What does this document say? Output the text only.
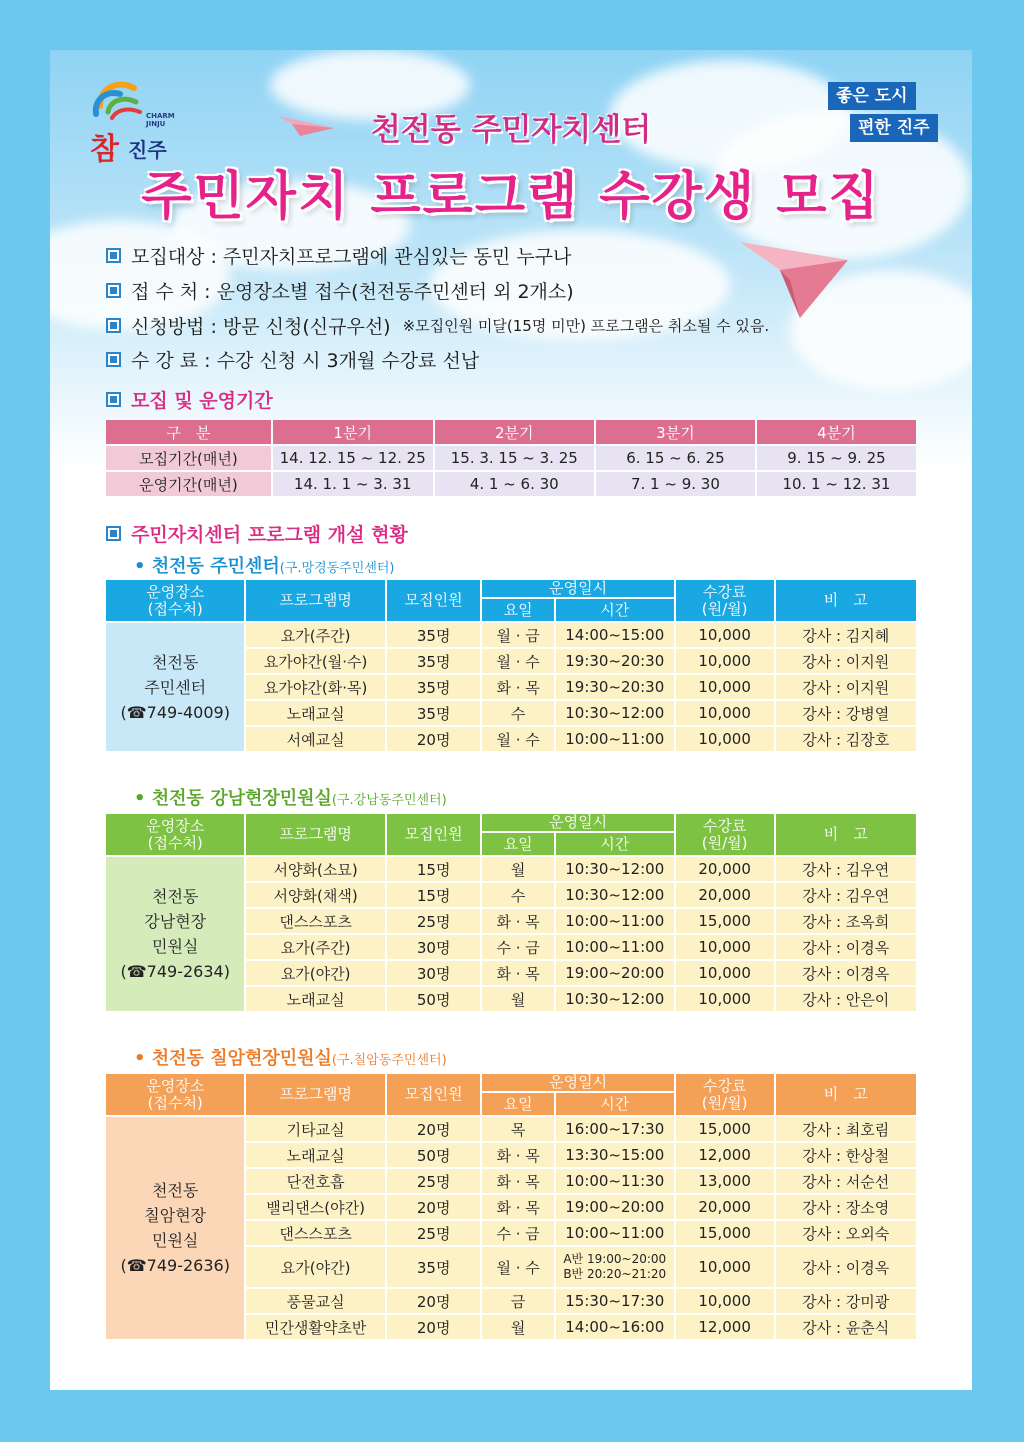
참 진주
CHARM
JINJU
좋은 도시
편한 진주
천전동 주민자치센터
주민자치 프로그램 수강생 모집
모집대상 : 주민자치프로그램에 관심있는 동민 누구나
접 수 처 : 운영장소별 접수(천전동주민센터 외 2개소)
신청방법 : 방문 신청(신규우선) ※모집인원 미달(15명 미만) 프로그램은 취소될 수 있음.
수 강 료 : 수강 신청 시 3개월 수강료 선납
모집 및 운영기간
구　분	1분기	2분기	3분기	4분기
모집기간(매년)	14. 12. 15 ~ 12. 25	15. 3. 15 ~ 3. 25	6. 15 ~ 6. 25	9. 15 ~ 9. 25
운영기간(매년)	14. 1. 1 ~ 3. 31	4. 1 ~ 6. 30	7. 1 ~ 9. 30	10. 1 ~ 12. 31
주민자치센터 프로그램 개설 현황
• 천전동 주민센터(구.망경동주민센터)
운영장소
(접수처)	프로그램명	모집인원	운영일시		수강료
(원/월)	비　고
			요일	시간		
천전동
주민센터
(☎749-4009)	요가(주간)	35명	월 · 금	14:00~15:00	10,000	강사 : 김지혜
	요가야간(월·수)	35명	월 · 수	19:30~20:30	10,000	강사 : 이지원
	요가야간(화·목)	35명	화 · 목	19:30~20:30	10,000	강사 : 이지원
	노래교실	35명	수	10:30~12:00	10,000	강사 : 강병열
	서예교실	20명	월 · 수	10:00~11:00	10,000	강사 : 김장호
• 천전동 강남현장민원실(구.강남동주민센터)
운영장소
(접수처)	프로그램명	모집인원	운영일시		수강료
(원/월)	비　고
			요일	시간		
천전동
강남현장
민원실
(☎749-2634)	서양화(소묘)	15명	월	10:30~12:00	20,000	강사 : 김우연
	서양화(채색)	15명	수	10:30~12:00	20,000	강사 : 김우연
	댄스스포츠	25명	화 · 목	10:00~11:00	15,000	강사 : 조옥희
	요가(주간)	30명	수 · 금	10:00~11:00	10,000	강사 : 이경옥
	요가(야간)	30명	화 · 목	19:00~20:00	10,000	강사 : 이경옥
	노래교실	50명	월	10:30~12:00	10,000	강사 : 안은이
• 천전동 칠암현장민원실(구.칠암동주민센터)
운영장소
(접수처)	프로그램명	모집인원	운영일시		수강료
(원/월)	비　고
			요일	시간		
천전동
칠암현장
민원실
(☎749-2636)	기타교실	20명	목	16:00~17:30	15,000	강사 : 최호림
	노래교실	50명	화 · 목	13:30~15:00	12,000	강사 : 한상철
	단전호흡	25명	화 · 목	10:00~11:30	13,000	강사 : 서순선
	밸리댄스(야간)	20명	화 · 목	19:00~20:00	20,000	강사 : 장소영
	댄스스포츠	25명	수 · 금	10:00~11:00	15,000	강사 : 오외숙
	요가(야간)	35명	월 · 수	A반 19:00~20:00
B반 20:20~21:20	10,000	강사 : 이경옥
	풍물교실	20명	금	15:30~17:30	10,000	강사 : 강미광
	민간생활약초반	20명	월	14:00~16:00	12,000	강사 : 윤춘식
